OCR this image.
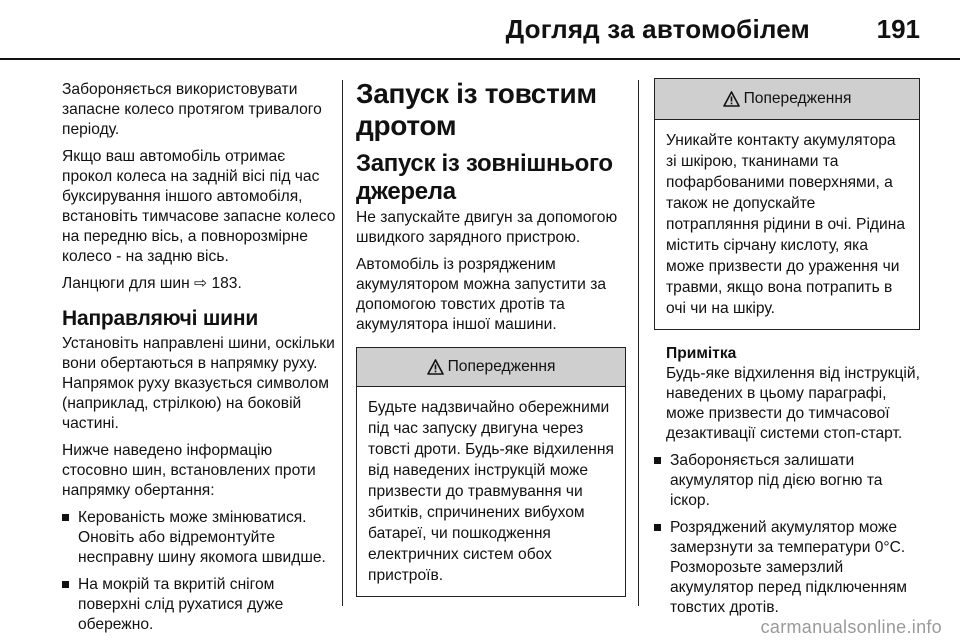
Догляд за автомобілем	191

Забороняється використовувати запасне колесо протягом тривалого періоду.

Якщо ваш автомобіль отримає прокол колеса на задній вісі під час буксирування іншого автомобіля, встановіть тимчасове запасне колесо на передню вісь, а повнорозмірне колесо - на задню вісь.

Ланцюги для шин ⇨ 183.

Направляючі шини

Установіть направлені шини, оскільки вони обертаються в напрямку руху. Напрямок руху вказується символом (наприклад, стрілкою) на боковій частині.

Нижче наведено інформацію стосовно шин, встановлених проти напрямку обертання:

Керованість може змінюватися. Оновіть або відремонтуйте несправну шину якомога швидше.
На мокрій та вкритій снігом поверхні слід рухатися дуже обережно.
Запуск із товстим дротом
Запуск із зовнішнього джерела

Не запускайте двигун за допомогою швидкого зарядного пристрою.

Автомобіль із розрядженим акумулятором можна запустити за допомогою товстих дротів та акумулятора іншої машини.

Попередження
Будьте надзвичайно обережними під час запуску двигуна через товсті дроти. Будь-яке відхилення від наведених інструкцій може призвести до травмування чи збитків, спричинених вибухом батареї, чи пошкодження електричних систем обох пристроїв.
Попередження
Уникайте контакту акумулятора зі шкірою, тканинами та пофарбованими поверхнями, а також не допускайте потрапляння рідини в очі. Рідина містить сірчану кислоту, яка може призвести до ураження чи травми, якщо вона потрапить в очі чи на шкіру.

Примітка

Будь-яке відхилення від інструкцій, наведених в цьому параграфі, може призвести до тимчасової дезактивації системи стоп-старт.

Забороняється залишати акумулятор під дією вогню та іскор.
Розряджений акумулятор може замерзнути за температури 0°C. Розморозьте замерзлий акумулятор перед підключенням товстих дротів.
carmanualsonline.info
